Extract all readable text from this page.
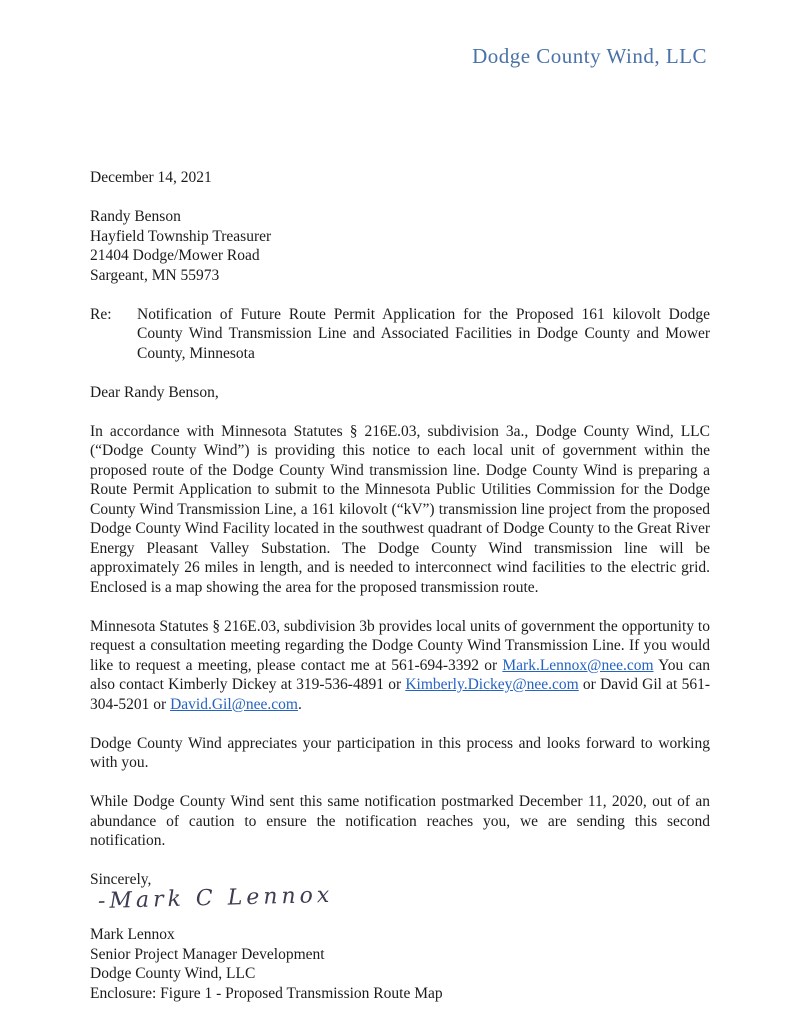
Dodge County Wind, LLC
December 14, 2021
Randy Benson
Hayfield Township Treasurer
21404 Dodge/Mower Road
Sargeant, MN 55973
Re:	Notification of Future Route Permit Application for the Proposed 161 kilovolt Dodge County Wind Transmission Line and Associated Facilities in Dodge County and Mower County, Minnesota
Dear Randy Benson,

In accordance with Minnesota Statutes § 216E.03, subdivision 3a., Dodge County Wind, LLC (“Dodge County Wind”) is providing this notice to each local unit of government within the proposed route of the Dodge County Wind transmission line. Dodge County Wind is preparing a Route Permit Application to submit to the Minnesota Public Utilities Commission for the Dodge County Wind Transmission Line, a 161 kilovolt (“kV”) transmission line project from the proposed Dodge County Wind Facility located in the southwest quadrant of Dodge County to the Great River Energy Pleasant Valley Substation. The Dodge County Wind transmission line will be approximately 26 miles in length, and is needed to interconnect wind facilities to the electric grid. Enclosed is a map showing the area for the proposed transmission route.

Minnesota Statutes § 216E.03, subdivision 3b provides local units of government the opportunity to request a consultation meeting regarding the Dodge County Wind Transmission Line. If you would like to request a meeting, please contact me at 561-694-3392 or Mark.Lennox@nee.com You can also contact Kimberly Dickey at 319-536-4891 or Kimberly.Dickey@nee.com or David Gil at 561-304-5201 or David.Gil@nee.com.

Dodge County Wind appreciates your participation in this process and looks forward to working with you.

While Dodge County Wind sent this same notification postmarked December 11, 2020, out of an abundance of caution to ensure the notification reaches you, we are sending this second notification.

Sincerely,
-Mark C Lennox
Mark Lennox
Senior Project Manager Development
Dodge County Wind, LLC
Enclosure: Figure 1 - Proposed Transmission Route Map
